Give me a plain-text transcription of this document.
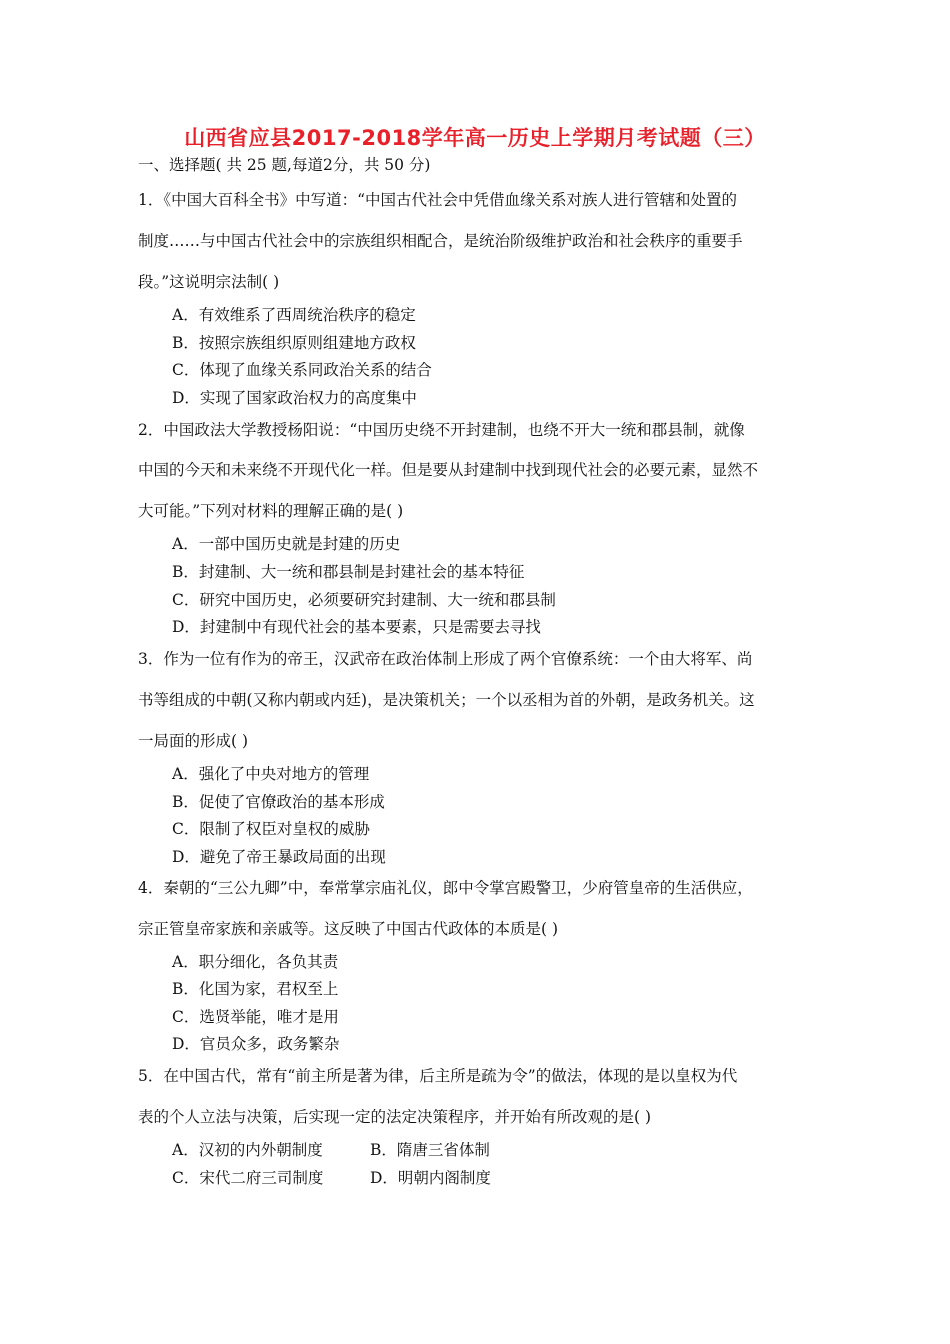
山西省应县2017-2018学年高一历史上学期月考试题（三）
一、选择题( 共 25 题,每道2分，共 50 分)
1．《中国大百科全书》中写道：“中国古代社会中凭借血缘关系对族人进行管辖和处置的
制度……与中国古代社会中的宗族组织相配合，是统治阶级维护政治和社会秩序的重要手
段。”这说明宗法制( )
A．有效维系了西周统治秩序的稳定
B．按照宗族组织原则组建地方政权
C．体现了血缘关系同政治关系的结合
D．实现了国家政治权力的高度集中
2．中国政法大学教授杨阳说：“中国历史绕不开封建制，也绕不开大一统和郡县制，就像
中国的今天和未来绕不开现代化一样。但是要从封建制中找到现代社会的必要元素，显然不
大可能。”下列对材料的理解正确的是( )
A．一部中国历史就是封建的历史
B．封建制、大一统和郡县制是封建社会的基本特征
C．研究中国历史，必须要研究封建制、大一统和郡县制
D．封建制中有现代社会的基本要素，只是需要去寻找
3．作为一位有作为的帝王，汉武帝在政治体制上形成了两个官僚系统：一个由大将军、尚
书等组成的中朝(又称内朝或内廷)，是决策机关；一个以丞相为首的外朝，是政务机关。这
一局面的形成( )
A．强化了中央对地方的管理
B．促使了官僚政治的基本形成
C．限制了权臣对皇权的威胁
D．避免了帝王暴政局面的出现
4．秦朝的“三公九卿”中，奉常掌宗庙礼仪，郎中令掌宫殿警卫，少府管皇帝的生活供应，
宗正管皇帝家族和亲戚等。这反映了中国古代政体的本质是( )
A．职分细化，各负其责
B．化国为家，君权至上
C．选贤举能，唯才是用
D．官员众多，政务繁杂
5．在中国古代，常有“前主所是著为律，后主所是疏为令”的做法，体现的是以皇权为代
表的个人立法与决策，后实现一定的法定决策程序，并开始有所改观的是( )
A．汉初的内外朝制度	B．隋唐三省体制
C．宋代二府三司制度	D．明朝内阁制度
